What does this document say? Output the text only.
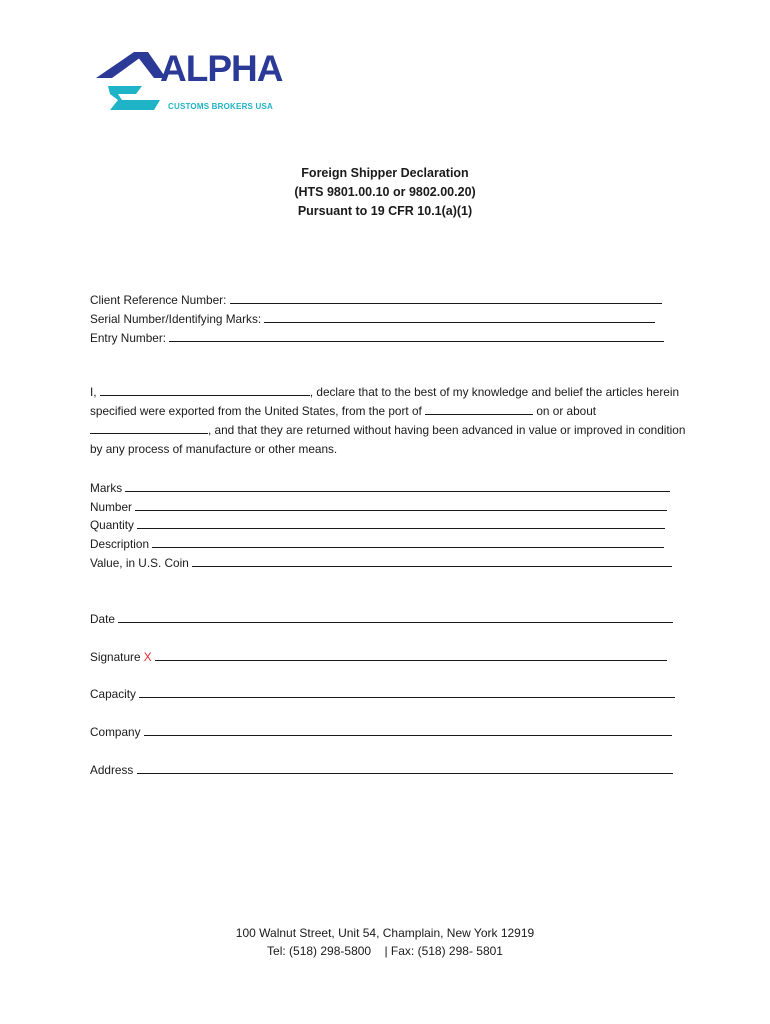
ALPHA
CUSTOMS BROKERS USA
Foreign Shipper Declaration
(HTS 9801.00.10 or 9802.00.20)
Pursuant to 19 CFR 10.1(a)(1)
Client Reference Number:
Serial Number/Identifying Marks:
Entry Number:
I,	, declare that to the best of my knowledge and belief the articles herein specified were exported from the United States, from the port of	on or about , and that they are returned without having been advanced in value or improved in condition by any process of manufacture or other means.
Marks
Number
Quantity
Description
Value, in U.S. Coin
Date
Signature X
Capacity
Company
Address
100 Walnut Street, Unit 54, Champlain, New York 12919
Tel: (518) 298-5800 | Fax: (518) 298- 5801
